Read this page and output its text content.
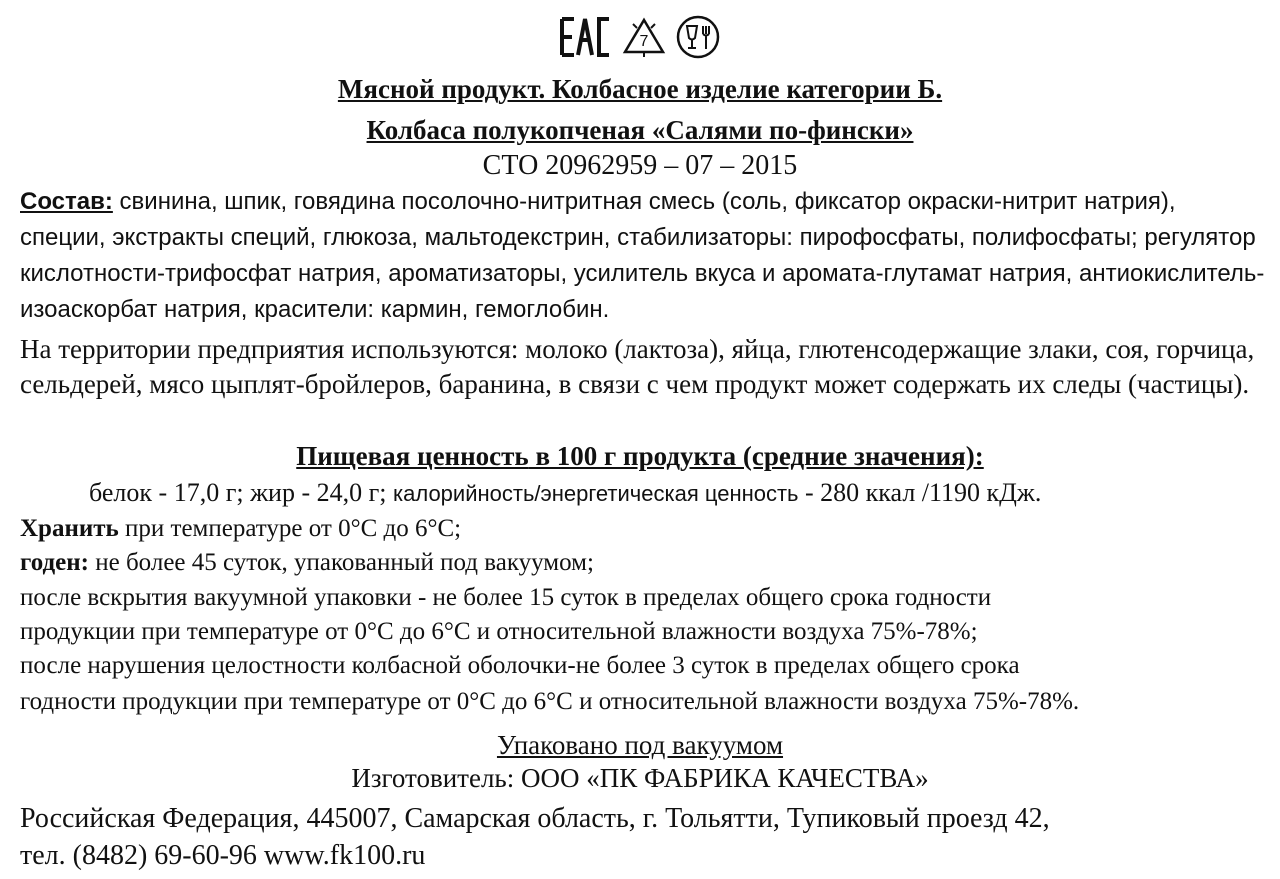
7
Мясной продукт. Колбасное изделие категории Б.
Колбаса полукопченая «Салями по-фински»
СТО 20962959 – 07 – 2015
Состав: свинина, шпик, говядина посолочно-нитритная смесь (соль, фиксатор окраски-нитрит натрия), специи, экстракты специй, глюкоза, мальтодекстрин, стабилизаторы: пирофосфаты, полифосфаты; регулятор кислотности-трифосфат натрия, ароматизаторы, усилитель вкуса и аромата-глутамат натрия, антиокислитель-изоаскорбат натрия, красители: кармин, гемоглобин.
На территории предприятия используются: молоко (лактоза), яйца, глютенсодержащие злаки, соя, горчица, сельдерей, мясо цыплят-бройлеров, баранина, в связи с чем продукт может содержать их следы (частицы).
Пищевая ценность в 100 г продукта (средние значения):
белок - 17,0 г; жир - 24,0 г; калорийность/энергетическая ценность - 280 ккал /1190 кДж.
Хранить при температуре от 0°С до 6°С;
годен: не более 45 суток, упакованный под вакуумом;
после вскрытия вакуумной упаковки - не более 15 суток в пределах общего срока годности
продукции при температуре от 0°С до 6°С и относительной влажности воздуха 75%-78%;
после нарушения целостности колбасной оболочки-не более 3 суток в пределах общего срока
годности продукции при температуре от 0°С до 6°С и относительной влажности воздуха 75%-78%.
Упаковано под вакуумом
Изготовитель: ООО «ПК ФАБРИКА КАЧЕСТВА»
Российская Федерация, 445007, Самарская область, г. Тольятти, Тупиковый проезд 42,
тел. (8482) 69-60-96 www.fk100.ru
